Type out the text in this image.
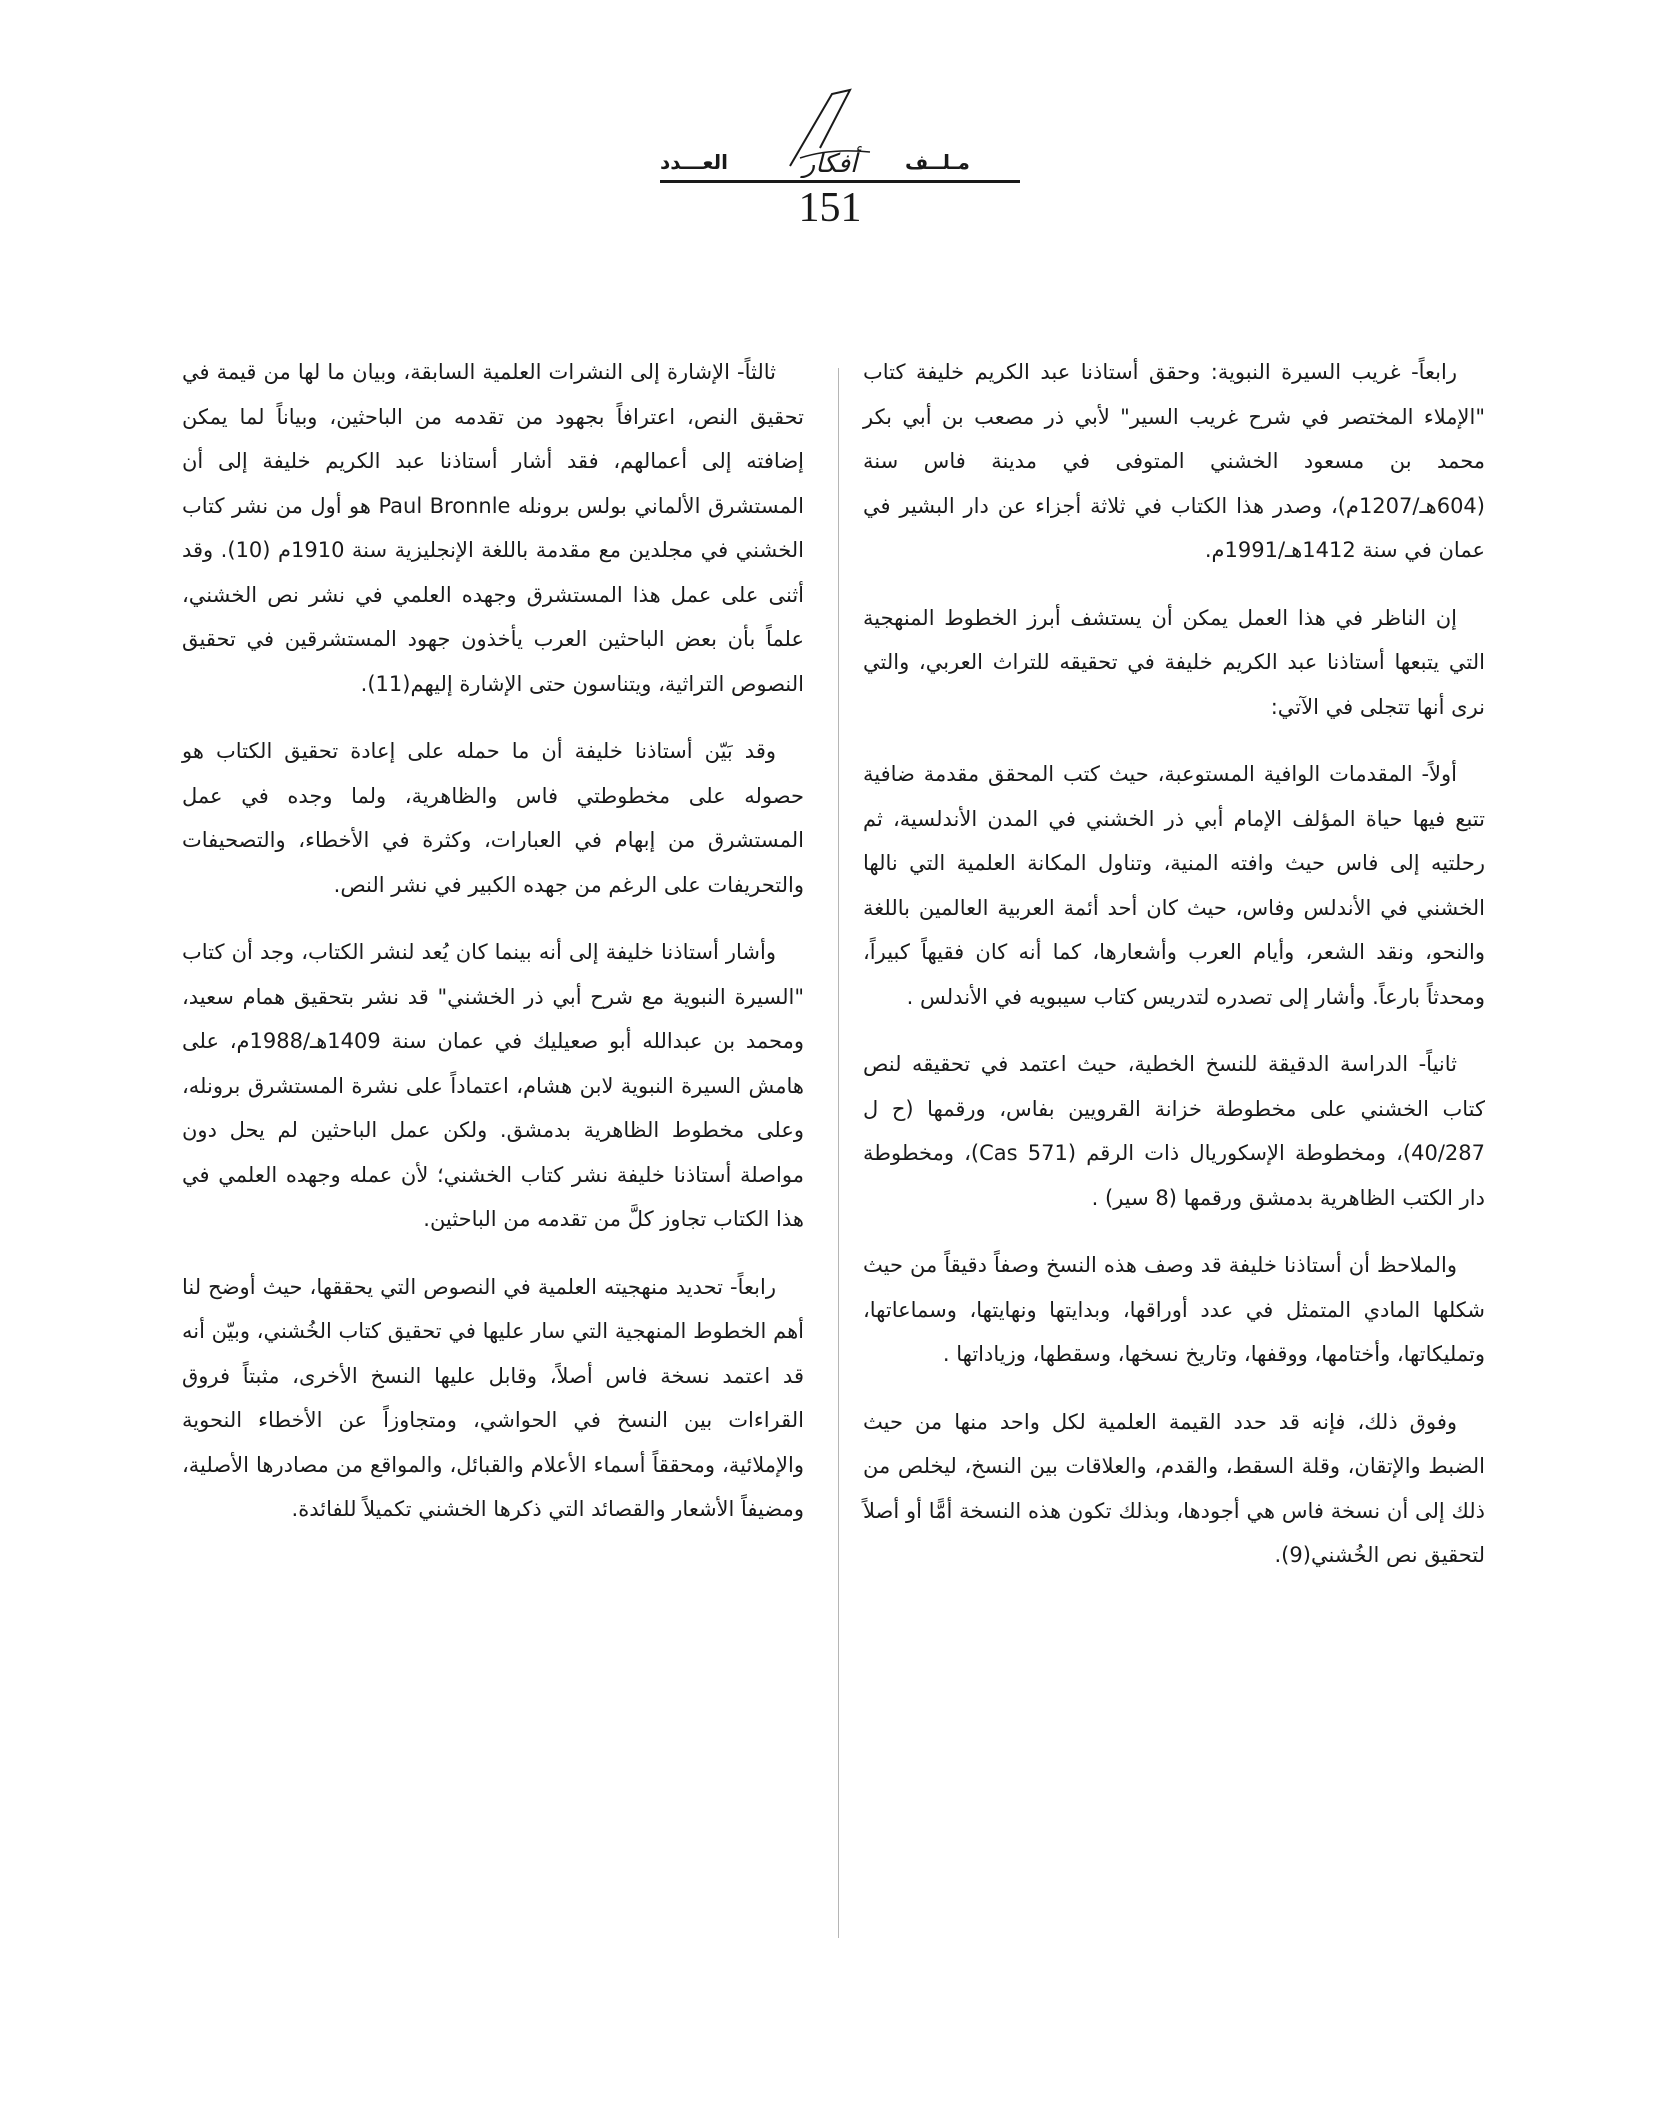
أفكار
العـــدد	مـلــف
151

رابعاً- غريب السيرة النبوية: وحقق أستاذنا عبد الكريم خليفة كتاب "الإملاء المختصر في شرح غريب السير" لأبي ذر مصعب بن أبي بكر محمد بن مسعود الخشني المتوفى في مدينة فاس سنة (604هـ/1207م)، وصدر هذا الكتاب في ثلاثة أجزاء عن دار البشير في عمان في سنة 1412هـ/1991م.

إن الناظر في هذا العمل يمكن أن يستشف أبرز الخطوط المنهجية التي يتبعها أستاذنا عبد الكريم خليفة في تحقيقه للتراث العربي، والتي نرى أنها تتجلى في الآتي:

أولاً- المقدمات الوافية المستوعبة، حيث كتب المحقق مقدمة ضافية تتبع فيها حياة المؤلف الإمام أبي ذر الخشني في المدن الأندلسية، ثم رحلتيه إلى فاس حيث وافته المنية، وتناول المكانة العلمية التي نالها الخشني في الأندلس وفاس، حيث كان أحد أئمة العربية العالمين باللغة والنحو، ونقد الشعر، وأيام العرب وأشعارها، كما أنه كان فقيهاً كبيراً، ومحدثاً بارعاً. وأشار إلى تصدره لتدريس كتاب سيبويه في الأندلس .

ثانياً- الدراسة الدقيقة للنسخ الخطية، حيث اعتمد في تحقيقه لنص كتاب الخشني على مخطوطة خزانة القرويين بفاس، ورقمها (ح ل 40/287)، ومخطوطة الإسكوريال ذات الرقم (571 Cas)، ومخطوطة دار الكتب الظاهرية بدمشق ورقمها (8 سير) .

والملاحظ أن أستاذنا خليفة قد وصف هذه النسخ وصفاً دقيقاً من حيث شكلها المادي المتمثل في عدد أوراقها، وبدايتها ونهايتها، وسماعاتها، وتمليكاتها، وأختامها، ووقفها، وتاريخ نسخها، وسقطها، وزياداتها .

وفوق ذلك، فإنه قد حدد القيمة العلمية لكل واحد منها من حيث الضبط والإتقان، وقلة السقط، والقدم، والعلاقات بين النسخ، ليخلص من ذلك إلى أن نسخة فاس هي أجودها، وبذلك تكون هذه النسخة أمًّا أو أصلاً لتحقيق نص الخُشني(9).

ثالثاً- الإشارة إلى النشرات العلمية السابقة، وبيان ما لها من قيمة في تحقيق النص، اعترافاً بجهود من تقدمه من الباحثين، وبياناً لما يمكن إضافته إلى أعمالهم، فقد أشار أستاذنا عبد الكريم خليفة إلى أن المستشرق الألماني بولس برونله Paul Bronnle هو أول من نشر كتاب الخشني في مجلدين مع مقدمة باللغة الإنجليزية سنة 1910م (10). وقد أثنى على عمل هذا المستشرق وجهده العلمي في نشر نص الخشني، علماً بأن بعض الباحثين العرب يأخذون جهود المستشرقين في تحقيق النصوص التراثية، ويتناسون حتى الإشارة إليهم(11).

وقد بَيّن أستاذنا خليفة أن ما حمله على إعادة تحقيق الكتاب هو حصوله على مخطوطتي فاس والظاهرية، ولما وجده في عمل المستشرق من إبهام في العبارات، وكثرة في الأخطاء، والتصحيفات والتحريفات على الرغم من جهده الكبير في نشر النص.

وأشار أستاذنا خليفة إلى أنه بينما كان يُعد لنشر الكتاب، وجد أن كتاب "السيرة النبوية مع شرح أبي ذر الخشني" قد نشر بتحقيق همام سعيد، ومحمد بن عبدالله أبو صعيليك في عمان سنة 1409هـ/1988م، على هامش السيرة النبوية لابن هشام، اعتماداً على نشرة المستشرق برونله، وعلى مخطوط الظاهرية بدمشق. ولكن عمل الباحثين لم يحل دون مواصلة أستاذنا خليفة نشر كتاب الخشني؛ لأن عمله وجهده العلمي في هذا الكتاب تجاوز كلَّ من تقدمه من الباحثين.

رابعاً- تحديد منهجيته العلمية في النصوص التي يحققها، حيث أوضح لنا أهم الخطوط المنهجية التي سار عليها في تحقيق كتاب الخُشني، وبيّن أنه قد اعتمد نسخة فاس أصلاً، وقابل عليها النسخ الأخرى، مثبتاً فروق القراءات بين النسخ في الحواشي، ومتجاوزاً عن الأخطاء النحوية والإملائية، ومحققاً أسماء الأعلام والقبائل، والمواقع من مصادرها الأصلية، ومضيفاً الأشعار والقصائد التي ذكرها الخشني تكميلاً للفائدة.
